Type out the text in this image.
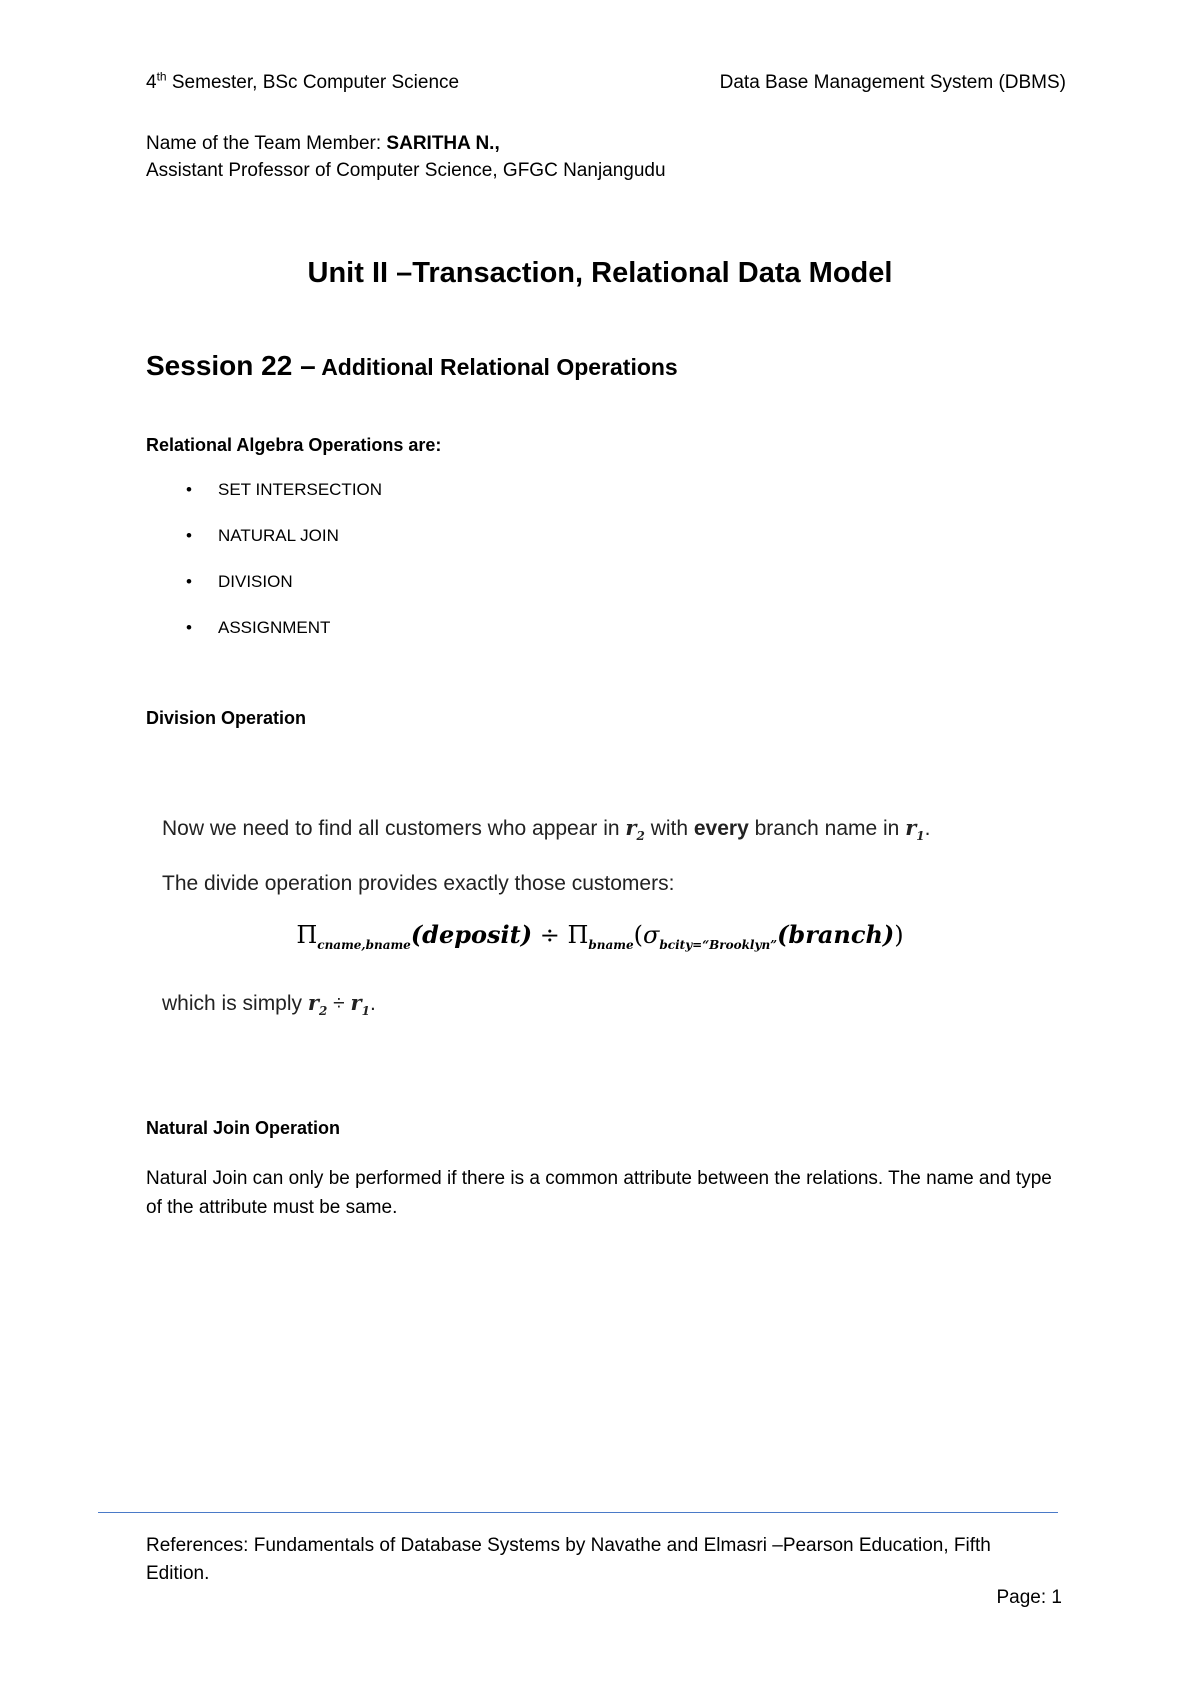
4th Semester, BSc Computer Science	Data Base Management System (DBMS)
Name of the Team Member: SARITHA N.,
Assistant Professor of Computer Science, GFGC Nanjangudu
Unit II –Transaction, Relational Data Model
Session 22 – Additional Relational Operations
Relational Algebra Operations are:
• SET INTERSECTION
• NATURAL JOIN
• DIVISION
• ASSIGNMENT
Division Operation
Now we need to find all customers who appear in $r_2$ with every branch name in $r_1$.
The divide operation provides exactly those customers:
$\Pi_{cname,bname}(deposit)$ ÷ $\Pi_{bname}(\sigma_{bcity=“Brooklyn”}(branch))$
which is simply $r_2 \div r_1$.
Natural Join Operation
Natural Join can only be performed if there is a common attribute between the relations. The name and type of the attribute must be same.
References: Fundamentals of Database Systems by Navathe and Elmasri –Pearson Education, Fifth Edition.
Page: 1
